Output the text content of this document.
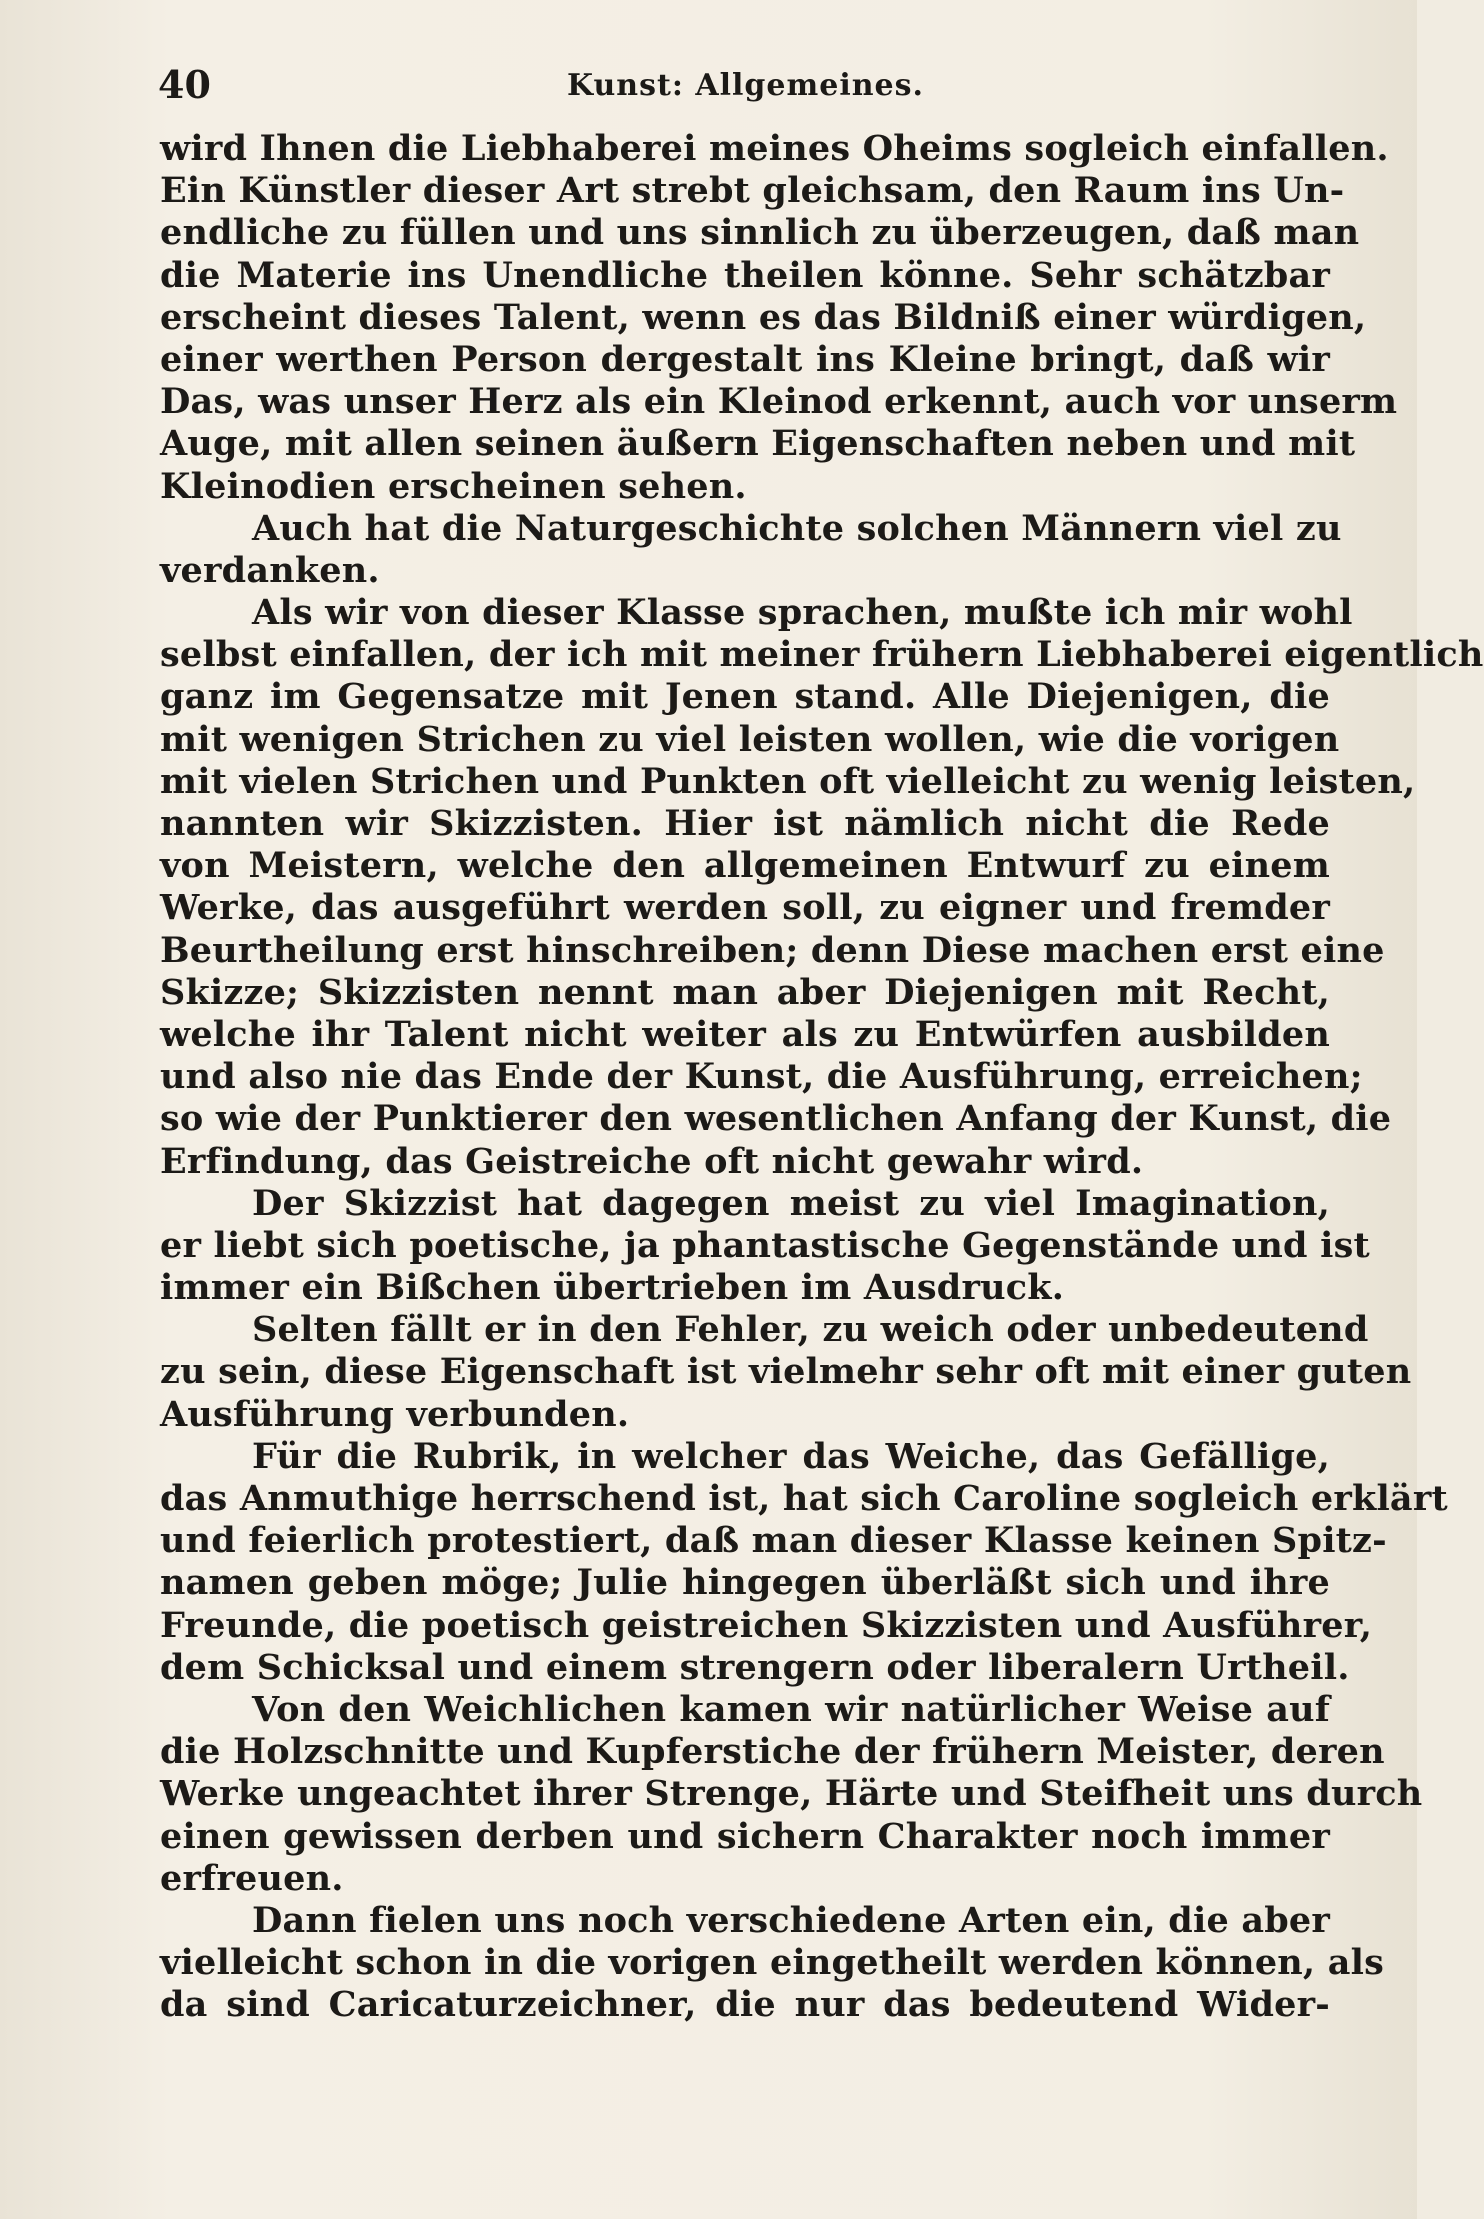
40	Kunst: Allgemeines.
wird Ihnen die Liebhaberei meines Oheims sogleich einfallen.
Ein Künstler dieser Art strebt gleichsam, den Raum ins Un-
endliche zu füllen und uns sinnlich zu überzeugen, daß man
die Materie ins Unendliche theilen könne. Sehr schätzbar
erscheint dieses Talent, wenn es das Bildniß einer würdigen,
einer werthen Person dergestalt ins Kleine bringt, daß wir
Das, was unser Herz als ein Kleinod erkennt, auch vor unserm
Auge, mit allen seinen äußern Eigenschaften neben und mit
Kleinodien erscheinen sehen.
Auch hat die Naturgeschichte solchen Männern viel zu
verdanken.
Als wir von dieser Klasse sprachen, mußte ich mir wohl
selbst einfallen, der ich mit meiner frühern Liebhaberei eigentlich
ganz im Gegensatze mit Jenen stand. Alle Diejenigen, die
mit wenigen Strichen zu viel leisten wollen, wie die vorigen
mit vielen Strichen und Punkten oft vielleicht zu wenig leisten,
nannten wir Skizzisten. Hier ist nämlich nicht die Rede
von Meistern, welche den allgemeinen Entwurf zu einem
Werke, das ausgeführt werden soll, zu eigner und fremder
Beurtheilung erst hinschreiben; denn Diese machen erst eine
Skizze; Skizzisten nennt man aber Diejenigen mit Recht,
welche ihr Talent nicht weiter als zu Entwürfen ausbilden
und also nie das Ende der Kunst, die Ausführung, erreichen;
so wie der Punktierer den wesentlichen Anfang der Kunst, die
Erfindung, das Geistreiche oft nicht gewahr wird.
Der Skizzist hat dagegen meist zu viel Imagination,
er liebt sich poetische, ja phantastische Gegenstände und ist
immer ein Bißchen übertrieben im Ausdruck.
Selten fällt er in den Fehler, zu weich oder unbedeutend
zu sein, diese Eigenschaft ist vielmehr sehr oft mit einer guten
Ausführung verbunden.
Für die Rubrik, in welcher das Weiche, das Gefällige,
das Anmuthige herrschend ist, hat sich Caroline sogleich erklärt
und feierlich protestiert, daß man dieser Klasse keinen Spitz-
namen geben möge; Julie hingegen überläßt sich und ihre
Freunde, die poetisch geistreichen Skizzisten und Ausführer,
dem Schicksal und einem strengern oder liberalern Urtheil.
Von den Weichlichen kamen wir natürlicher Weise auf
die Holzschnitte und Kupferstiche der frühern Meister, deren
Werke ungeachtet ihrer Strenge, Härte und Steifheit uns durch
einen gewissen derben und sichern Charakter noch immer
erfreuen.
Dann fielen uns noch verschiedene Arten ein, die aber
vielleicht schon in die vorigen eingetheilt werden können, als
da sind Caricaturzeichner, die nur das bedeutend Wider-
